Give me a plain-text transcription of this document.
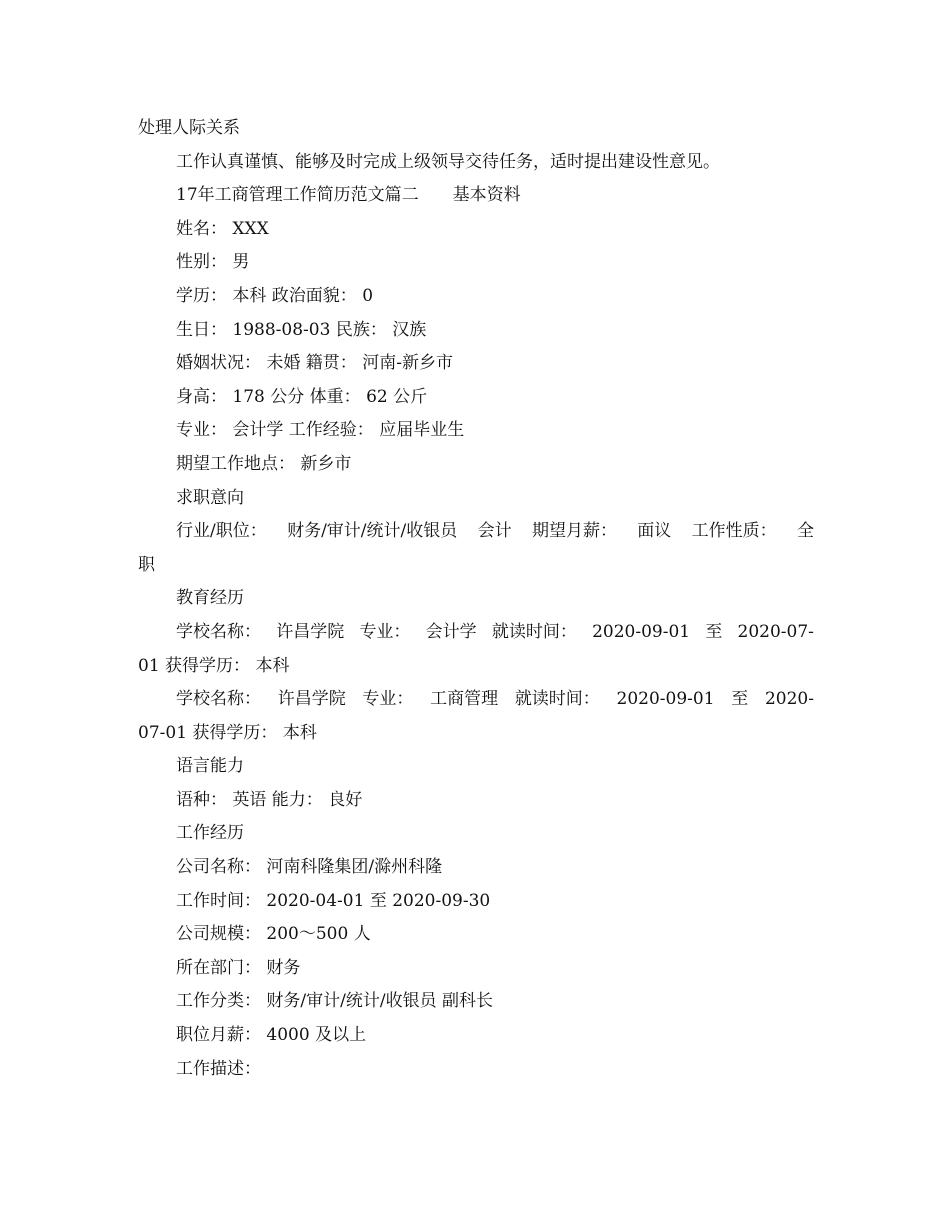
处理人际关系
工作认真谨慎、能够及时完成上级领导交待任务，适时提出建设性意见。
17年工商管理工作简历范文篇二　　基本资料
姓名： XXX
性别： 男
学历： 本科 政治面貌： 0
生日： 1988-08-03 民族： 汉族
婚姻状况： 未婚 籍贯： 河南-新乡市
身高： 178 公分 体重： 62 公斤
专业： 会计学 工作经验： 应届毕业生
期望工作地点： 新乡市
求职意向
行业/职位： 财务/审计/统计/收银员 会计 期望月薪： 面议 工作性质： 全
职
教育经历
学校名称： 许昌学院 专业： 会计学 就读时间： 2020-09-01 至 2020-07-
01 获得学历： 本科
学校名称： 许昌学院 专业： 工商管理 就读时间： 2020-09-01 至 2020-
07-01 获得学历： 本科
语言能力
语种： 英语 能力： 良好
工作经历
公司名称： 河南科隆集团/滁州科隆
工作时间： 2020-04-01 至 2020-09-30
公司规模： 200～500 人
所在部门： 财务
工作分类： 财务/审计/统计/收银员 副科长
职位月薪： 4000 及以上
工作描述：
